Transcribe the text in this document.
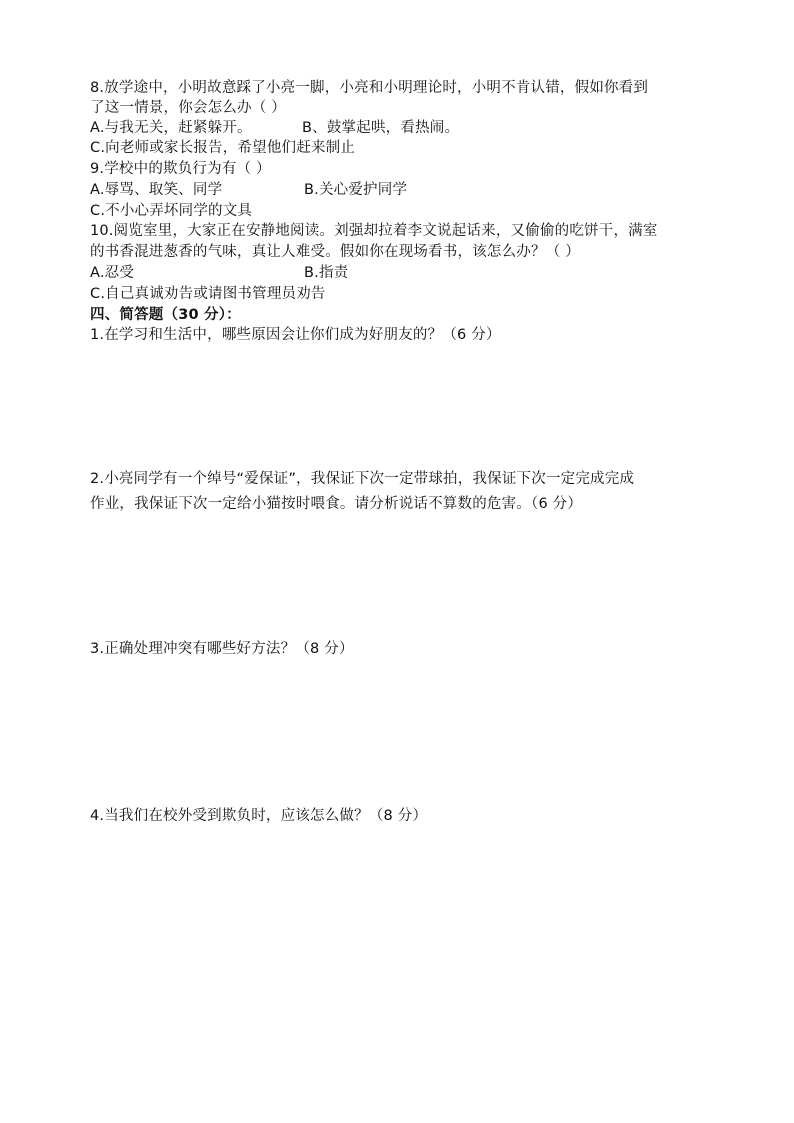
8.放学途中，小明故意踩了小亮一脚，小亮和小明理论时，小明不肯认错，假如你看到
了这一情景，你会怎么办（ ）
A.与我无关，赶紧躲开。	B、鼓掌起哄，看热闹。
C.向老师或家长报告，希望他们赶来制止
9.学校中的欺负行为有（ ）
A.辱骂、取笑、同学	B.关心爱护同学
C.不小心弄坏同学的文具
10.阅览室里，大家正在安静地阅读。刘强却拉着李文说起话来，又偷偷的吃饼干，满室
的书香混进葱香的气味，真让人难受。假如你在现场看书，该怎么办？（ ）
A.忍受	B.指责
C.自己真诚劝告或请图书管理员劝告
四、简答题（30 分）：
1.在学习和生活中，哪些原因会让你们成为好朋友的？（6 分）
2.小亮同学有一个绰号“爱保证”，我保证下次一定带球拍，我保证下次一定完成完成
作业，我保证下次一定给小猫按时喂食。请分析说话不算数的危害。（6 分）
3.正确处理冲突有哪些好方法？（8 分）
4.当我们在校外受到欺负时，应该怎么做？（8 分）
